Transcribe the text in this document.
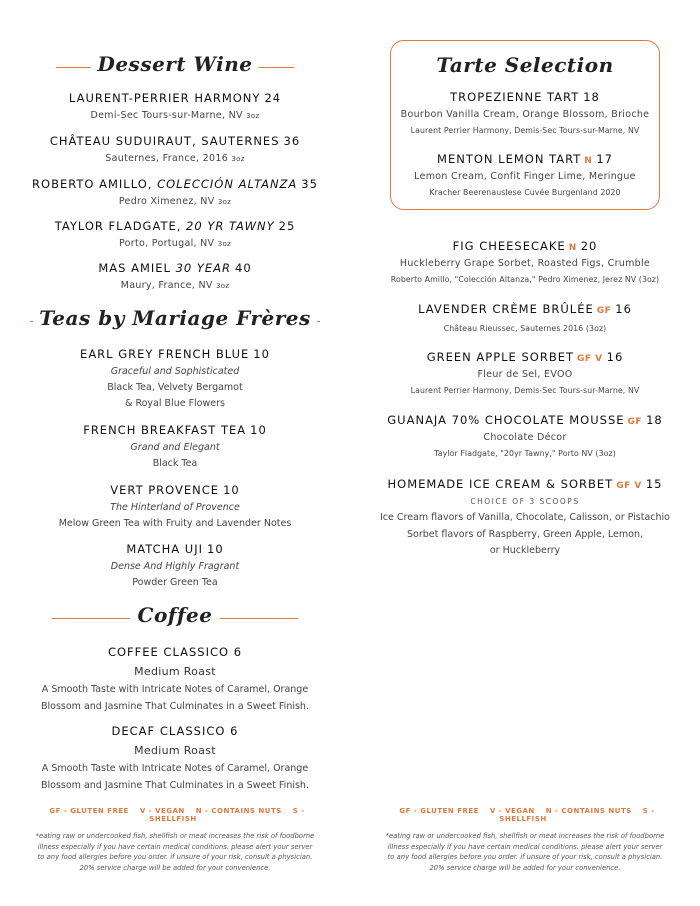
Dessert Wine
LAURENT-PERRIER HARMONY 24
Demi-Sec Tours-sur-Marne, NV 3oz
CHÂTEAU SUDUIRAUT, SAUTERNES 36
Sauternes, France, 2016 3oz
ROBERTO AMILLO, COLECCIÓN ALTANZA 35
Pedro Ximenez, NV 3oz
TAYLOR FLADGATE, 20 YR TAWNY 25
Porto, Portugal, NV 3oz
MAS AMIEL 30 YEAR 40
Maury, France, NV 3oz
Teas by Mariage Frères
EARL GREY FRENCH BLUE 10
Graceful and Sophisticated
Black Tea, Velvety Bergamot
& Royal Blue Flowers
FRENCH BREAKFAST TEA 10
Grand and Elegant
Black Tea
VERT PROVENCE 10
The Hinterland of Provence
Melow Green Tea with Fruity and Lavender Notes
MATCHA UJI 10
Dense And Highly Fragrant
Powder Green Tea
Coffee
COFFEE CLASSICO 6
Medium Roast
A Smooth Taste with Intricate Notes of Caramel, Orange
Blossom and Jasmine That Culminates in a Sweet Finish.
DECAF CLASSICO 6
Medium Roast
A Smooth Taste with Intricate Notes of Caramel, Orange
Blossom and Jasmine That Culminates in a Sweet Finish.
GF - GLUTEN FREE V - VEGAN N - CONTAINS NUTS S - SHELLFISH
*eating raw or undercooked fish, shellfish or meat increases the risk of foodborne
illness especially if you have certain medical conditions. please alert your server
to any food allergies before you order. if unsure of your risk, consult a physician.
20% service charge will be added for your convenience.
Tarte Selection
TROPEZIENNE TART 18
Bourbon Vanilla Cream, Orange Blossom, Brioche
Laurent Perrier Harmony, Demis-Sec Tours-sur-Marne, NV
MENTON LEMON TART N 17
Lemon Cream, Confit Finger Lime, Meringue
Kracher Beerenauslese Cuvée Burgenland 2020
FIG CHEESECAKE N 20
Huckleberry Grape Sorbet, Roasted Figs, Crumble
Roberto Amillo, "Colección Altanza," Pedro Ximenez, Jerez NV (3oz)
LAVENDER CRÈME BRÛLÉE GF 16
Château Rieussec, Sauternes 2016 (3oz)
GREEN APPLE SORBET GF V 16
Fleur de Sel, EVOO
Laurent Perrier Harmony, Demis-Sec Tours-sur-Marne, NV
GUANAJA 70% CHOCOLATE MOUSSE GF 18
Chocolate Décor
Taylor Fladgate, "20yr Tawny," Porto NV (3oz)
HOMEMADE ICE CREAM & SORBET GF V 15
CHOICE OF 3 SCOOPS
Ice Cream flavors of Vanilla, Chocolate, Calisson, or Pistachio
Sorbet flavors of Raspberry, Green Apple, Lemon,
or Huckleberry
GF - GLUTEN FREE V - VEGAN N - CONTAINS NUTS S - SHELLFISH
*eating raw or undercooked fish, shellfish or meat increases the risk of foodborne
illness especially if you have certain medical conditions. please alert your server
to any food allergies before you order. if unsure of your risk, consult a physician.
20% service charge will be added for your convenience.
